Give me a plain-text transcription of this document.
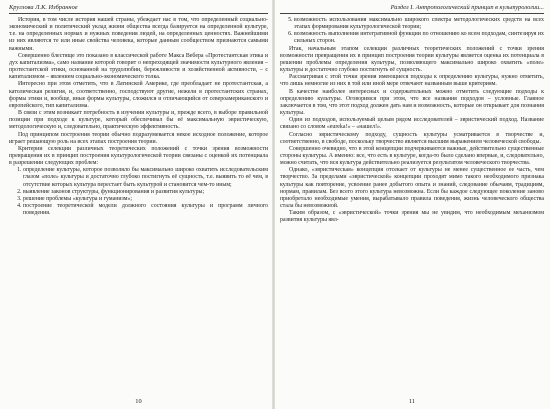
Круглова Л.К. Избранное

История, в том числе история нашей страны, убеждает нас в том, что определенный социально-экономический и политический уклад жизни общества всегда базируется на определенной культуре, т.е. на определенных нормах и нужных поведения людей, на определенных ценностях. Важнейшими из них являются те или иные свойства человека, которые данным сообществом признаются самыми важными.

Совершенно блестяще это показано в классической работе Макса Вебера «Протестантская этика и дух капитализма», само название которой говорит о непреходящей значимости культурного явления – протестантской этики, основанной на трудолюбии, бережливости и хозяйственной активности, – с капитализмом – явлением социально-экономического толка.

Интересно при этом отметить, что в Латинской Америке, где преобладает не протестантская, а католическая религия, и, соответственно, господствуют другие, нежели в протестантских странах, формы этики и, вообще, иные формы культуры, сложился и отличающийся от североамериканского и европейского, тип капитализма.

В связи с этим возникает потребность в изучении культуры и, прежде всего, в выборе правильной позиции при подходе к культуре, который обеспечивал бы её максимальную эвристическую, методологическую и, следовательно, практическую эффективность.

Под принципом построения теории обычно подразумевается некое исходное положение, которое играет решающую роль на всех этапах построения теории.

Критерии селекции различных теоретических положений с точки зрения возможности превращения их в принцип построения культурологической теории связаны с оценкой их потенциала в разрешении следующих проблем:

1. определение культуры, которое позволяло бы максимально широко охватить исследовательским глазом «поле» культуры и достаточно глубоко постигнуть её сущность, т.е. выявить то её чем, в отсутствие которых культура перестает быть культурой и становится чем-то иным;
2. выявление законов структуры, функционирования и развития культуры;
3. решение проблемы «культура и гуманизм»;
4. построение теоретической модели должного состояния культуры и программ личного поведения.
10
Раздел I. Антропологический принцип в культурологии...
5. возможность использования максимально широкого спектра методологических средств на всех этапах формирования культурологической теории;
6. возможность выполнения интегративной функции по отношению ко всем подходам, синтезируя их сильных сторон.

Итак, начальным этапом селекции различных теоретических положений с точки зрения возможности превращения их в принцип построения теории культуры является оценка их потенциала в решении проблемы определения культуры, позволяющего максимально широко охватить «поле» культуры и достаточно глубоко постигнуть её сущность.

Рассматривая с этой точки зрения имеющиеся подходы к определению культуры, нужно отметить, что лишь немногие из них в той или иной мере отвечают названным выше критериям.

В качестве наиболее интересных и содержательных можно отметить следующие подходы к определению культуры. Оговоримся при этом, что все названия подходов – условные. Главное заключается в том, что этот подход должен дать нам и возможность, которые он открывает для познания культуры.

Один из подходов, используемый целым рядом исследователей – эвристический подход. Название связано со словом «eureka!» – «нашел!».

Согласно эвристическому подходу, сущность культуры усматривается в творчестве и, соответственно, в свободе, поскольку творчество является высшим выражением человеческой свободы.

Совершенно очевидно, что в этой концепции подчеркиваются важные, действительно существенные стороны культуры. А именно: все, что есть в культуре, когда-то было сделано впервые, и, следовательно, можно считать, что вся культура действительно реализуется результатом человеческого творчества.

Однако, «эвристическая» концепция отсекает от культуры не менее существенное ее часть, чем творчество. За пределами «эвристической» концепции проходят мимо такого необходимого признака культуры как повторение, усвоение ранее добытого опыта и знаний, следование обычаям, традициям, нормам, правилам. Без всего этого культура невозможна. Если бы каждое следующее поколение заново приобретало необходимые умения, вырабатывало правила поведения, жизнь человеческого общества стала бы невозможной.

Таким образом, с «эвристической» точки зрения мы не увидим, что необходимым механизмом развития культуры явл-

11
